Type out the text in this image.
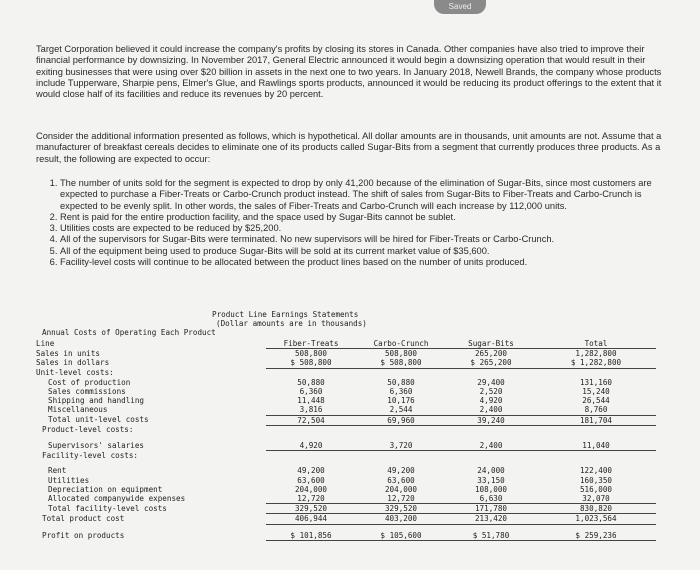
Saved

Target Corporation believed it could increase the company's profits by closing its stores in Canada. Other companies have also tried to improve their financial performance by downsizing. In November 2017, General Electric announced it would begin a downsizing operation that would result in their exiting businesses that were using over $20 billion in assets in the next one to two years. In January 2018, Newell Brands, the company whose products include Tupperware, Sharpie pens, Elmer's Glue, and Rawlings sports products, announced it would be reducing its product offerings to the extent that it would close half of its facilities and reduce its revenues by 20 percent.

Consider the additional information presented as follows, which is hypothetical. All dollar amounts are in thousands, unit amounts are not. Assume that a manufacturer of breakfast cereals decides to eliminate one of its products called Sugar-Bits from a segment that currently produces three products. As a result, the following are expected to occur:

1. The number of units sold for the segment is expected to drop by only 41,200 because of the elimination of Sugar-Bits, since most customers are expected to purchase a Fiber-Treats or Carbo-Crunch product instead. The shift of sales from Sugar-Bits to Fiber-Treats and Carbo-Crunch is expected to be evenly split. In other words, the sales of Fiber-Treats and Carbo-Crunch will each increase by 112,000 units.
2. Rent is paid for the entire production facility, and the space used by Sugar-Bits cannot be sublet.
3. Utilities costs are expected to be reduced by $25,200.
4. All of the supervisors for Sugar-Bits were terminated. No new supervisors will be hired for Fiber-Treats or Carbo-Crunch.
5. All of the equipment being used to produce Sugar-Bits will be sold at its current market value of $35,600.
6. Facility-level costs will continue to be allocated between the product lines based on the number of units produced.
Product Line Earnings Statements
(Dollar amounts are in thousands)
Annual Costs of Operating Each Product
Line	Fiber-Treats	Carbo-Crunch	Sugar-Bits	Total
Sales in units	508,800	508,800	265,200	1,282,800
Sales in dollars	$ 508,800	$ 508,800	$ 265,200	$ 1,282,800
Unit-level costs:				
Cost of production	50,880	50,880	29,400	131,160
Sales commissions	6,360	6,360	2,520	15,240
Shipping and handling	11,448	10,176	4,920	26,544
Miscellaneous	3,816	2,544	2,400	8,760
Total unit-level costs	72,504	69,960	39,240	181,704
Product-level costs:				

Supervisors' salaries	4,920	3,720	2,400	11,040
Facility-level costs:				

Rent	49,200	49,200	24,000	122,400
Utilities	63,600	63,600	33,150	160,350
Depreciation on equipment	204,000	204,000	108,000	516,000
Allocated companywide expenses	12,720	12,720	6,630	32,070
Total facility-level costs	329,520	329,520	171,780	830,820
Total product cost	406,944	403,200	213,420	1,023,564

Profit on products	$ 101,856	$ 105,600	$ 51,780	$ 259,236
